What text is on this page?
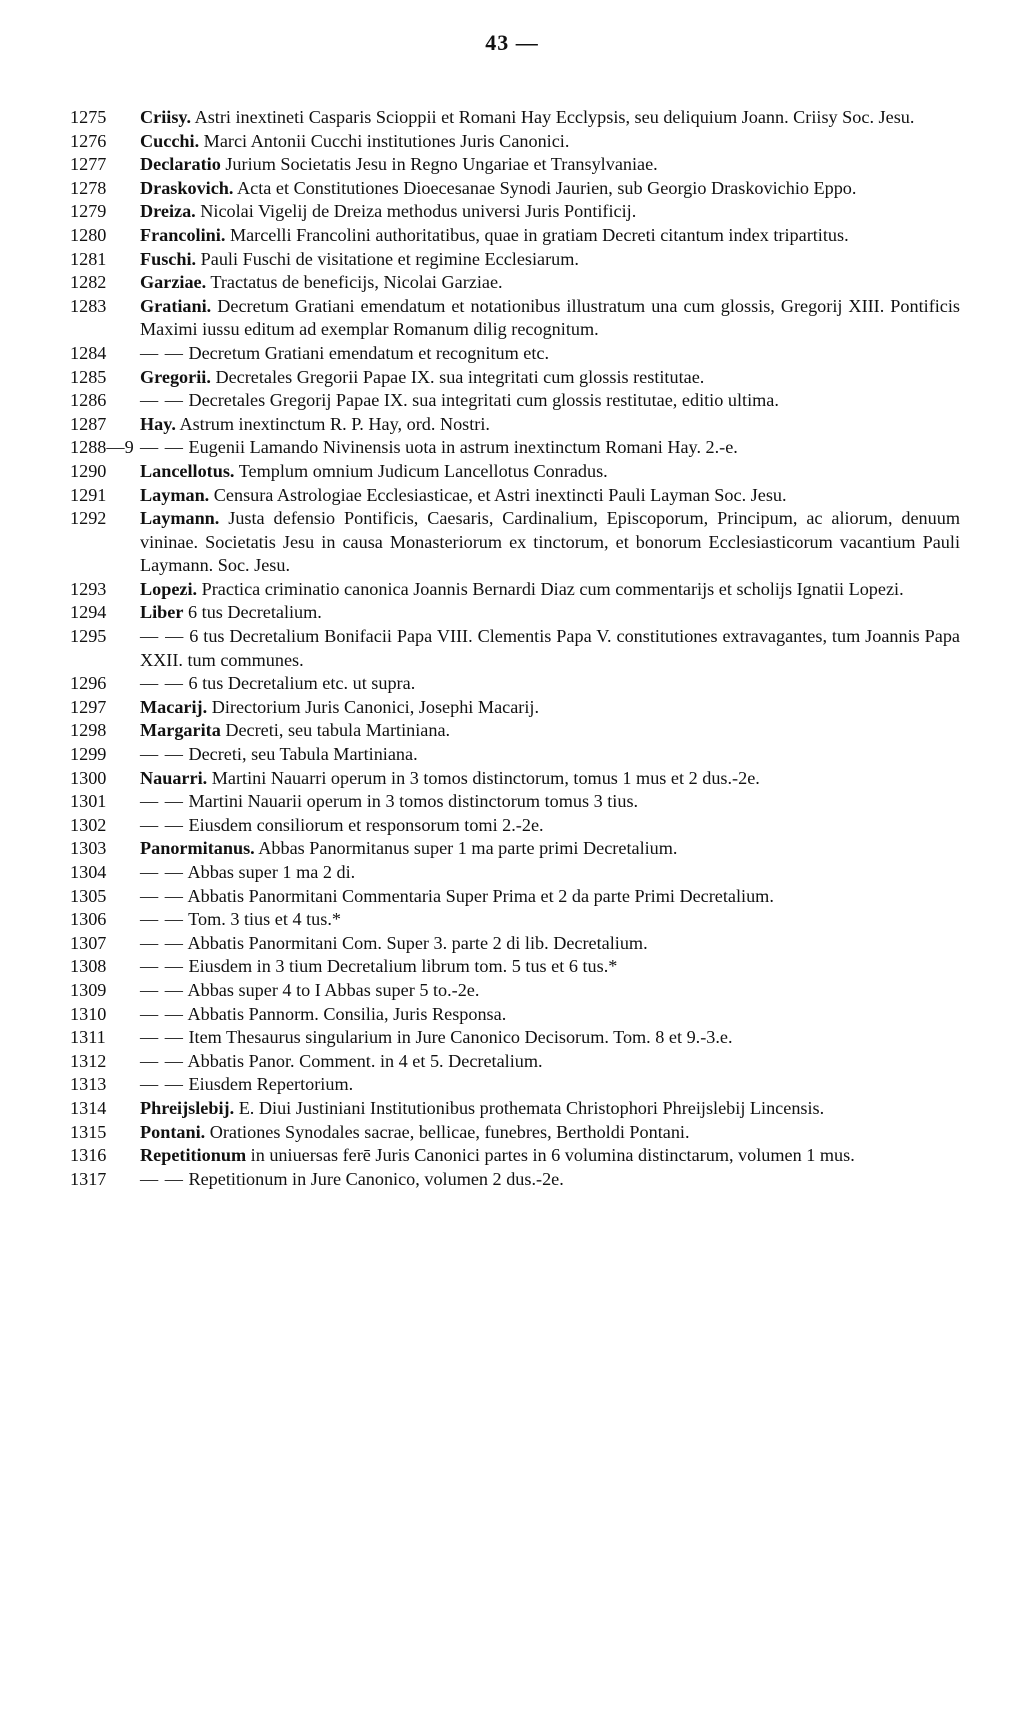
43 —
1275	Criisy. Astri inextineti Casparis Scioppii et Romani Hay Ecclypsis, seu deliquium Joann. Criisy Soc. Jesu.
1276	Cucchi. Marci Antonii Cucchi institutiones Juris Canonici.
1277	Declaratio Jurium Societatis Jesu in Regno Ungariae et Transylvaniae.
1278	Draskovich. Acta et Constitutiones Dioecesanae Synodi Jaurien, sub Georgio Draskovichio Eppo.
1279	Dreiza. Nicolai Vigelij de Dreiza methodus universi Juris Pontificij.
1280	Francolini. Marcelli Francolini authoritatibus, quae in gratiam Decreti citantum index tripartitus.
1281	Fuschi. Pauli Fuschi de visitatione et regimine Ecclesiarum.
1282	Garziae. Tractatus de beneficijs, Nicolai Garziae.
1283	Gratiani. Decretum Gratiani emendatum et notationibus illustratum una cum glossis, Gregorij XIII. Pontificis Maximi iussu editum ad exemplar Romanum dilig recognitum.
1284	— — Decretum Gratiani emendatum et recognitum etc.
1285	Gregorii. Decretales Gregorii Papae IX. sua integritati cum glossis restitutae.
1286	— — Decretales Gregorij Papae IX. sua integritati cum glossis restitutae, editio ultima.
1287	Hay. Astrum inextinctum R. P. Hay, ord. Nostri.
1288—9 — — Eugenii Lamando Nivinensis uota in astrum inextinctum Romani Hay. 2.-e.
1290	Lancellotus. Templum omnium Judicum Lancellotus Conradus.
1291	Layman. Censura Astrologiae Ecclesiasticae, et Astri inextincti Pauli Layman Soc. Jesu.
1292	Laymann. Justa defensio Pontificis, Caesaris, Cardinalium, Episcoporum, Principum, ac aliorum, denuum vininae. Societatis Jesu in causa Monasteriorum ex tinctorum, et bonorum Ecclesiasticorum vacantium Pauli Laymann. Soc. Jesu.
1293	Lopezi. Practica criminatio canonica Joannis Bernardi Diaz cum commentarijs et scholijs Ignatii Lopezi.
1294	Liber 6 tus Decretalium.
1295	— — 6 tus Decretalium Bonifacii Papa VIII. Clementis Papa V. constitutiones extravagantes, tum Joannis Papa XXII. tum communes.
1296	— — 6 tus Decretalium etc. ut supra.
1297	Macarij. Directorium Juris Canonici, Josephi Macarij.
1298	Margarita Decreti, seu tabula Martiniana.
1299	— — Decreti, seu Tabula Martiniana.
1300	Nauarri. Martini Nauarri operum in 3 tomos distinctorum, tomus 1 mus et 2 dus.-2e.
1301	— — Martini Nauarii operum in 3 tomos distinctorum tomus 3 tius.
1302	— — Eiusdem consiliorum et responsorum tomi 2.-2e.
1303	Panormitanus. Abbas Panormitanus super 1 ma parte primi Decretalium.
1304	— — Abbas super 1 ma 2 di.
1305	— — Abbatis Panormitani Commentaria Super Prima et 2 da parte Primi Decretalium.
1306	— — Tom. 3 tius et 4 tus.*
1307	— — Abbatis Panormitani Com. Super 3. parte 2 di lib. Decretalium.
1308	— — Eiusdem in 3 tium Decretalium librum tom. 5 tus et 6 tus.*
1309	— — Abbas super 4 to I Abbas super 5 to.-2e.
1310	— — Abbatis Pannorm. Consilia, Juris Responsa.
1311	— — Item Thesaurus singularium in Jure Canonico Decisorum. Tom. 8 et 9.-3.e.
1312	— — Abbatis Panor. Comment. in 4 et 5. Decretalium.
1313	— — Eiusdem Repertorium.
1314	Phreijslebij. E. Diui Justiniani Institutionibus prothemata Christophori Phreijslebij Lincensis.
1315	Pontani. Orationes Synodales sacrae, bellicae, funebres, Bertholdi Pontani.
1316	Repetitionum in uniuersas ferē Juris Canonici partes in 6 volumina distinctarum, volumen 1 mus.
1317	— — Repetitionum in Jure Canonico, volumen 2 dus.-2e.
